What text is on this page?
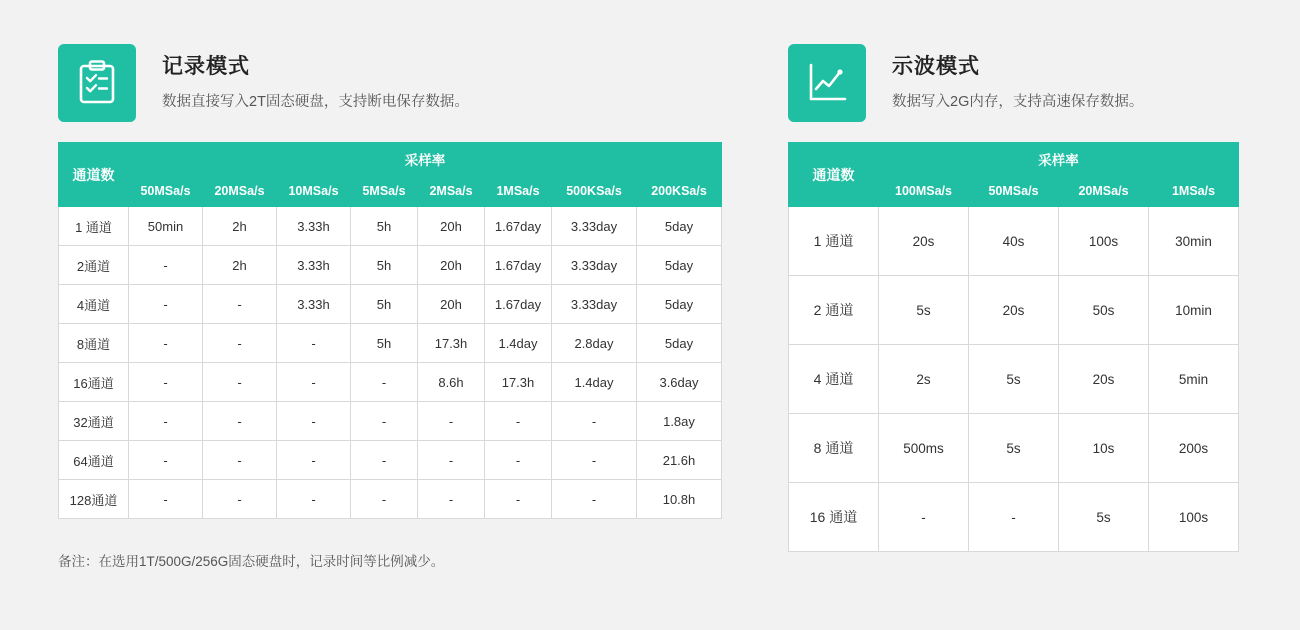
记录模式
数据直接写入2T固态硬盘，支持断电保存数据。
通道数	采样率							
	50MSa/s	20MSa/s	10MSa/s	5MSa/s	2MSa/s	1MSa/s	500KSa/s	200KSa/s
1 通道	50min	2h	3.33h	5h	20h	1.67day	3.33day	5day
2通道	-	2h	3.33h	5h	20h	1.67day	3.33day	5day
4通道	-	-	3.33h	5h	20h	1.67day	3.33day	5day
8通道	-	-	-	5h	17.3h	1.4day	2.8day	5day
16通道	-	-	-	-	8.6h	17.3h	1.4day	3.6day
32通道	-	-	-	-	-	-	-	1.8ay
64通道	-	-	-	-	-	-	-	21.6h
128通道	-	-	-	-	-	-	-	10.8h
示波模式
数据写入2G内存，支持高速保存数据。
通道数	采样率			
	100MSa/s	50MSa/s	20MSa/s	1MSa/s
1 通道	20s	40s	100s	30min
2 通道	5s	20s	50s	10min
4 通道	2s	5s	20s	5min
8 通道	500ms	5s	10s	200s
16 通道	-	-	5s	100s
备注：在选用1T/500G/256G固态硬盘时，记录时间等比例减少。
